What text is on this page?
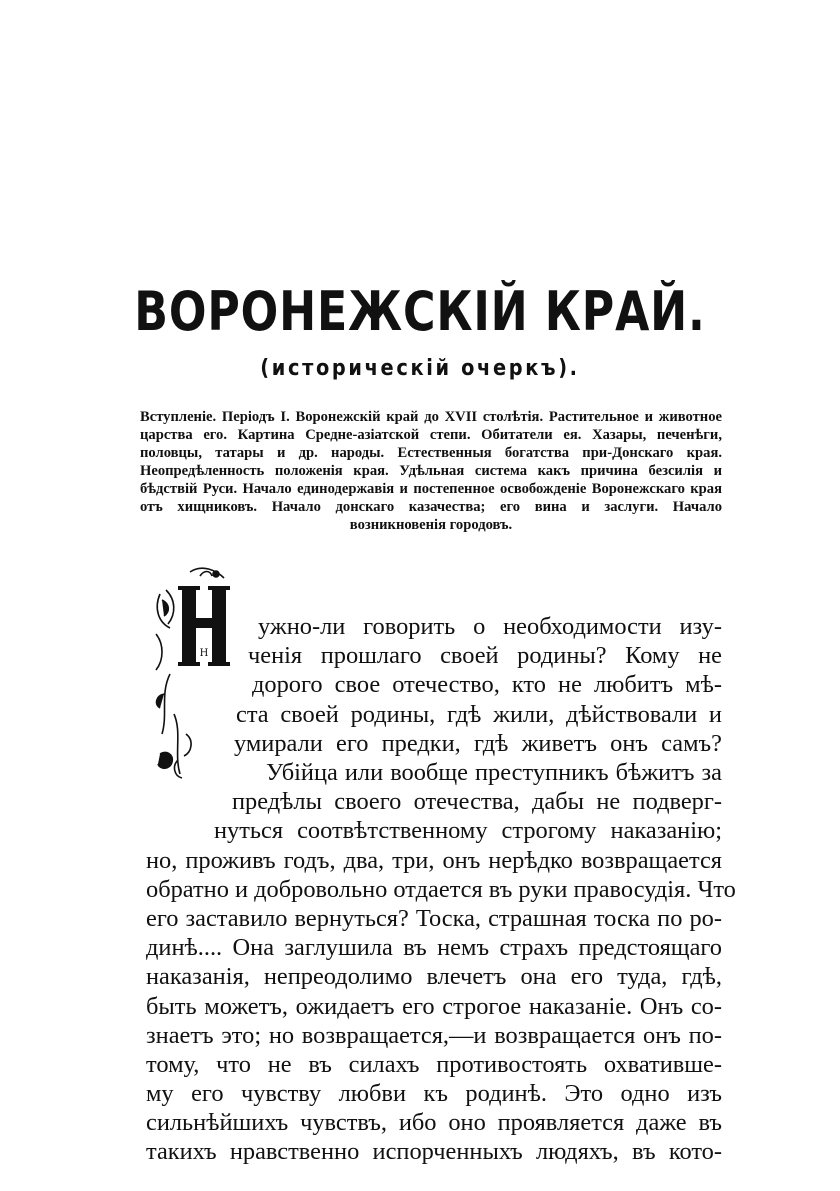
ВОРОНЕЖСКІЙ КРАЙ.
(историческій очеркъ).

Вступленіе. Періодъ I. Воронежскій край до XVII столѣтія. Растительное и животное царства его. Картина Средне-азіатской степи. Обитатели ея. Хазары, печенѣги, половцы, татары и др. народы. Естественныя богатства при-Донскаго края. Неопредѣленность положенія края. Удѣльная система какъ причина безсилія и бѣдствій Руси. Начало единодержавія и постепенное освобожденіе Воронежскаго края отъ хищниковъ. Начало донскаго казачества; его вина и заслуги. Начало возникновенія городовъ.

Н

ужно-ли говорить о необходимости изу-

ченія прошлаго своей родины? Кому не

дорого свое отечество, кто не любитъ мѣ-

ста своей родины, гдѣ жили, дѣйствовали и

умирали его предки, гдѣ живетъ онъ самъ?

Убійца или вообще преступникъ бѣжитъ за

предѣлы своего отечества, дабы не подверг-

нуться соотвѣтственному строгому наказанію;

но, проживъ годъ, два, три, онъ нерѣдко возвращается

обратно и добровольно отдается въ руки правосудія. Что

его заставило вернуться? Тоска, страшная тоска по ро-

динѣ.... Она заглушила въ немъ страхъ предстоящаго

наказанія, непреодолимо влечетъ она его туда, гдѣ,

быть можетъ, ожидаетъ его строгое наказаніе. Онъ со-

знаетъ это; но возвращается,—и возвращается онъ по-

тому, что не въ силахъ противостоять охватившe-

му его чувству любви къ родинѣ. Это одно изъ

сильнѣйшихъ чувствъ, ибо оно проявляется даже въ

такихъ нравственно испорченныхъ людяхъ, въ кото-
